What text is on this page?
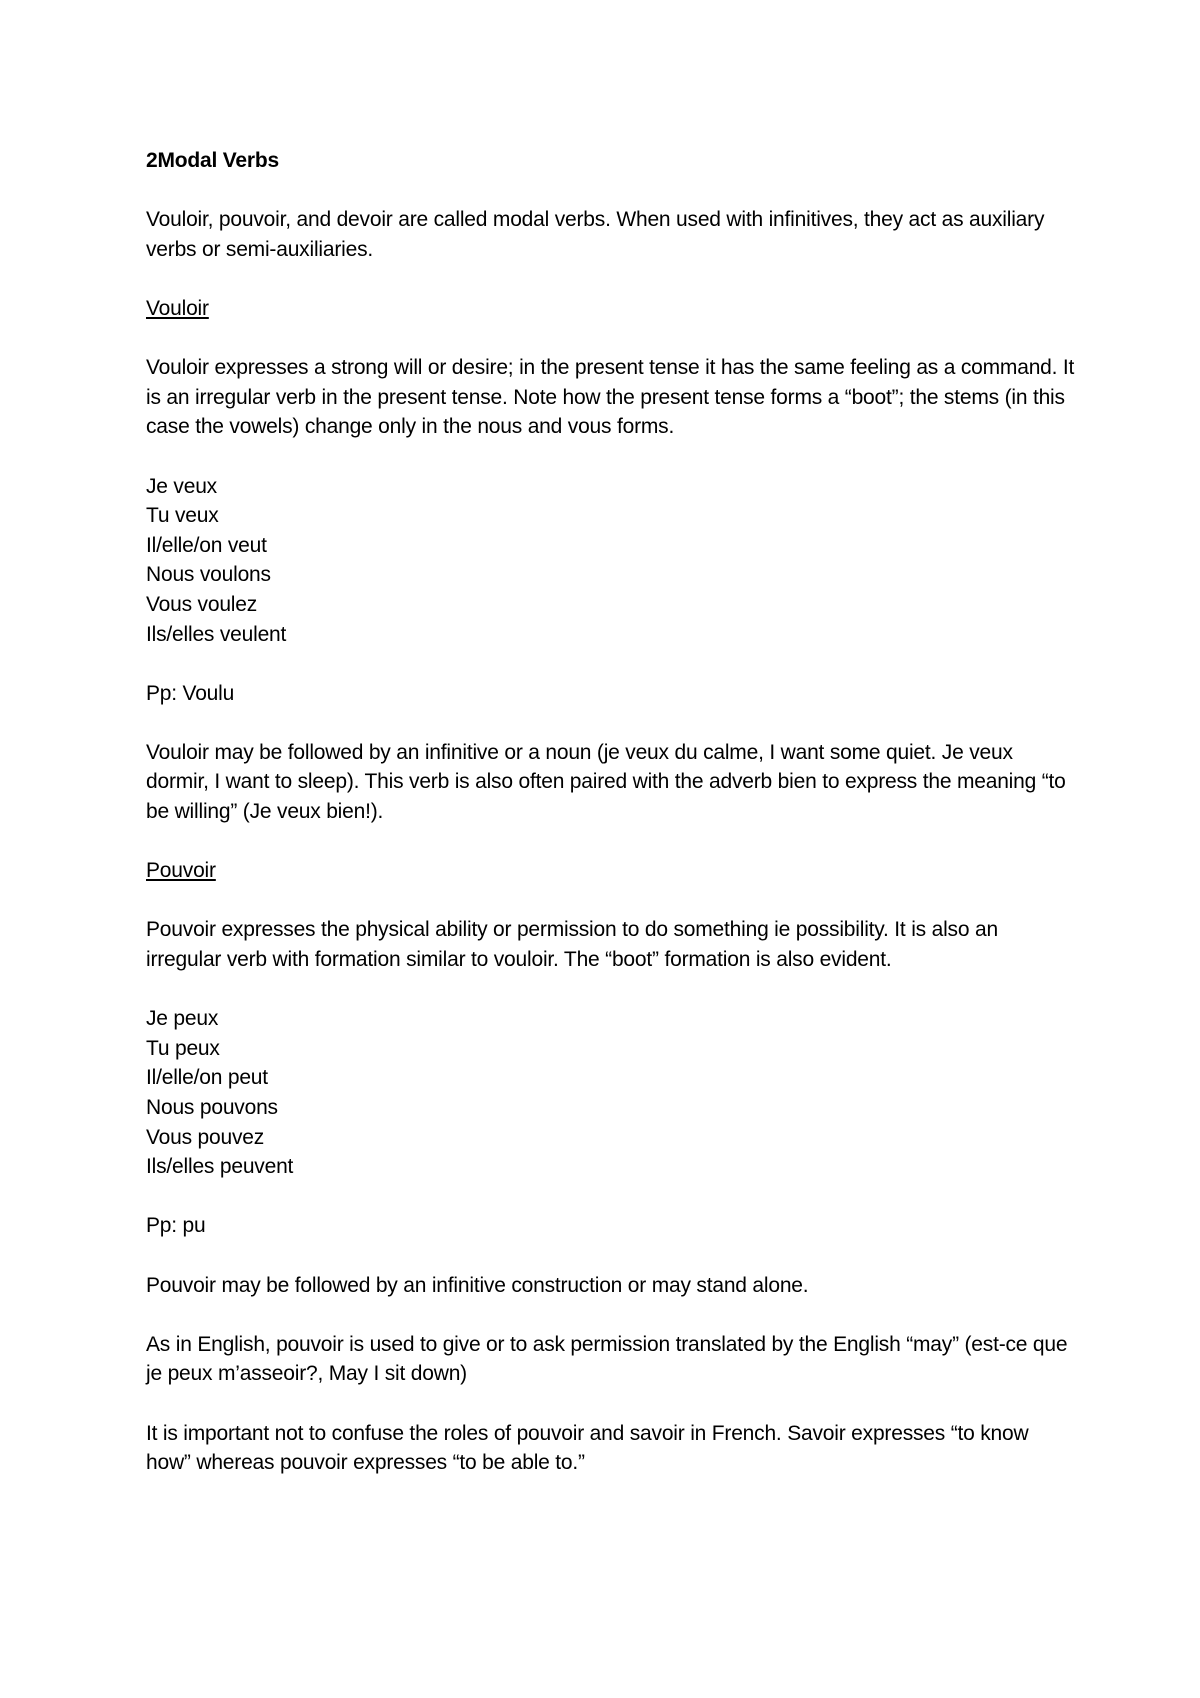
2Modal Verbs

Vouloir, pouvoir, and devoir are called modal verbs. When used with infinitives, they act as auxiliary verbs or semi-auxiliaries.

Vouloir

Vouloir expresses a strong will or desire; in the present tense it has the same feeling as a command. It is an irregular verb in the present tense. Note how the present tense forms a “boot”; the stems (in this case the vowels) change only in the nous and vous forms.

Je veux
Tu veux
Il/elle/on veut
Nous voulons
Vous voulez
Ils/elles veulent

Pp: Voulu

Vouloir may be followed by an infinitive or a noun (je veux du calme, I want some quiet. Je veux dormir, I want to sleep). This verb is also often paired with the adverb bien to express the meaning “to be willing” (Je veux bien!).

Pouvoir

Pouvoir expresses the physical ability or permission to do something ie possibility. It is also an irregular verb with formation similar to vouloir. The “boot” formation is also evident.

Je peux
Tu peux
Il/elle/on peut
Nous pouvons
Vous pouvez
Ils/elles peuvent

Pp: pu

Pouvoir may be followed by an infinitive construction or may stand alone.

As in English, pouvoir is used to give or to ask permission translated by the English “may” (est-ce que je peux m’asseoir?, May I sit down)

It is important not to confuse the roles of pouvoir and savoir in French. Savoir expresses “to know how” whereas pouvoir expresses “to be able to.”
